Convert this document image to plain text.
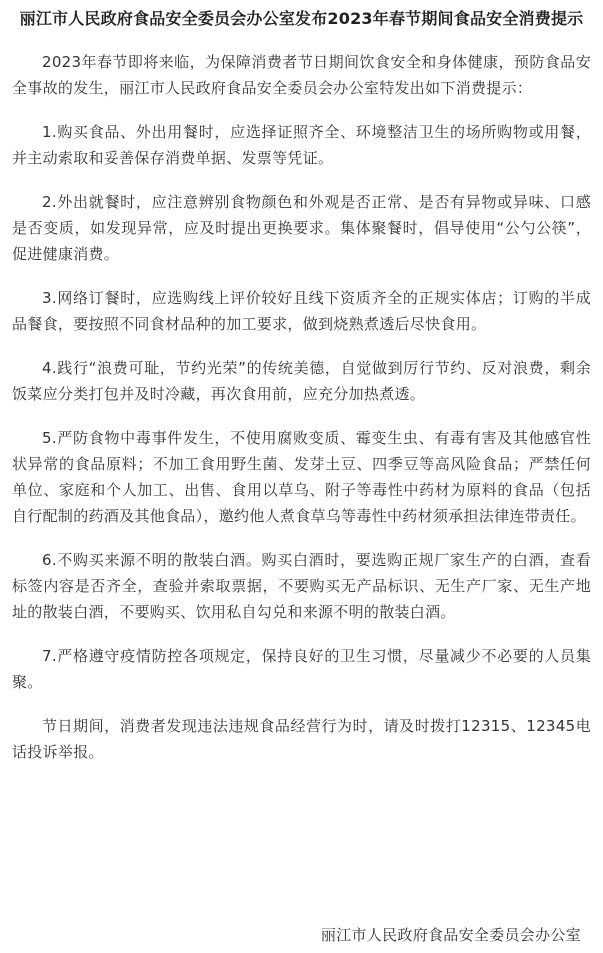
丽江市人民政府食品安全委员会办公室发布2023年春节期间食品安全消费提示

2023年春节即将来临，为保障消费者节日期间饮食安全和身体健康，预防食品安全事故的发生，丽江市人民政府食品安全委员会办公室特发出如下消费提示：

1.购买食品、外出用餐时，应选择证照齐全、环境整洁卫生的场所购物或用餐，并主动索取和妥善保存消费单据、发票等凭证。

2.外出就餐时，应注意辨别食物颜色和外观是否正常、是否有异物或异味、口感是否变质，如发现异常，应及时提出更换要求。集体聚餐时，倡导使用“公勺公筷”，促进健康消费。

3.网络订餐时，应选购线上评价较好且线下资质齐全的正规实体店；订购的半成品餐食，要按照不同食材品种的加工要求，做到烧熟煮透后尽快食用。

4.践行“浪费可耻，节约光荣”的传统美德，自觉做到厉行节约、反对浪费，剩余饭菜应分类打包并及时冷藏，再次食用前，应充分加热煮透。

5.严防食物中毒事件发生，不使用腐败变质、霉变生虫、有毒有害及其他感官性状异常的食品原料；不加工食用野生菌、发芽土豆、四季豆等高风险食品；严禁任何单位、家庭和个人加工、出售、食用以草乌、附子等毒性中药材为原料的食品（包括自行配制的药酒及其他食品），邀约他人煮食草乌等毒性中药材须承担法律连带责任。

6.不购买来源不明的散装白酒。购买白酒时，要选购正规厂家生产的白酒，查看标签内容是否齐全，查验并索取票据，不要购买无产品标识、无生产厂家、无生产地址的散装白酒，不要购买、饮用私自勾兑和来源不明的散装白酒。

7.严格遵守疫情防控各项规定，保持良好的卫生习惯，尽量减少不必要的人员集聚。

节日期间，消费者发现违法违规食品经营行为时，请及时拨打12315、12345电话投诉举报。

丽江市人民政府食品安全委员会办公室
